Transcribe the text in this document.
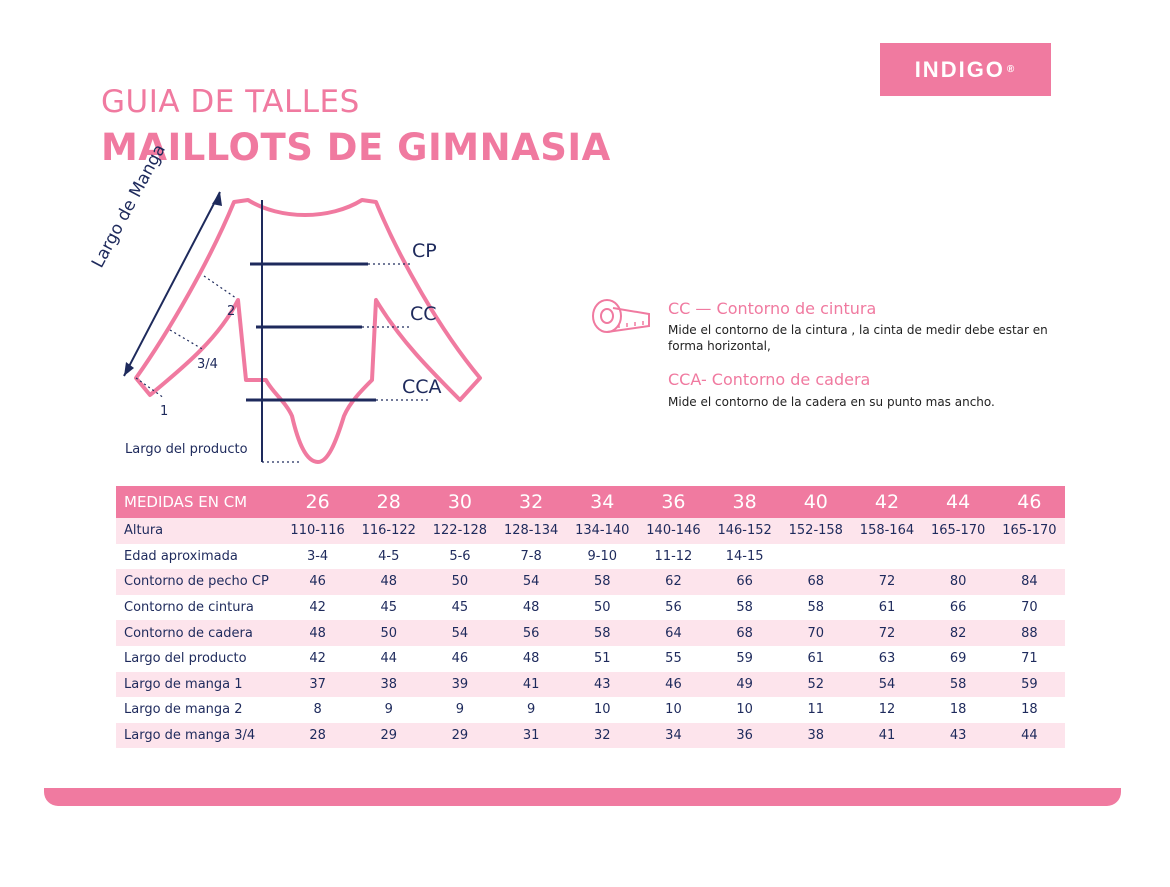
INDIGO ®
GUIA DE TALLES
MAILLOTS DE GIMNASIA
Largo de Manga	CP
CC
CCA
2
3/4
1
Largo del producto
CC — Contorno de cintura
Mide el contorno de la cintura , la cinta de medir debe estar en forma horizontal,
CCA- Contorno de cadera
Mide el contorno de la cadera en su punto mas ancho.
MEDIDAS EN CM	26	28	30	32	34	36	38	40	42	44	46
Altura	110-116	116-122	122-128	128-134	134-140	140-146	146-152	152-158	158-164	165-170	165-170
Edad aproximada	3-4	4-5	5-6	7-8	9-10	11-12	14-15				
Contorno de pecho CP	46	48	50	54	58	62	66	68	72	80	84
Contorno de cintura	42	45	45	48	50	56	58	58	61	66	70
Contorno de cadera	48	50	54	56	58	64	68	70	72	82	88
Largo del producto	42	44	46	48	51	55	59	61	63	69	71
Largo de manga 1	37	38	39	41	43	46	49	52	54	58	59
Largo de manga 2	8	9	9	9	10	10	10	11	12	18	18
Largo de manga 3/4	28	29	29	31	32	34	36	38	41	43	44
